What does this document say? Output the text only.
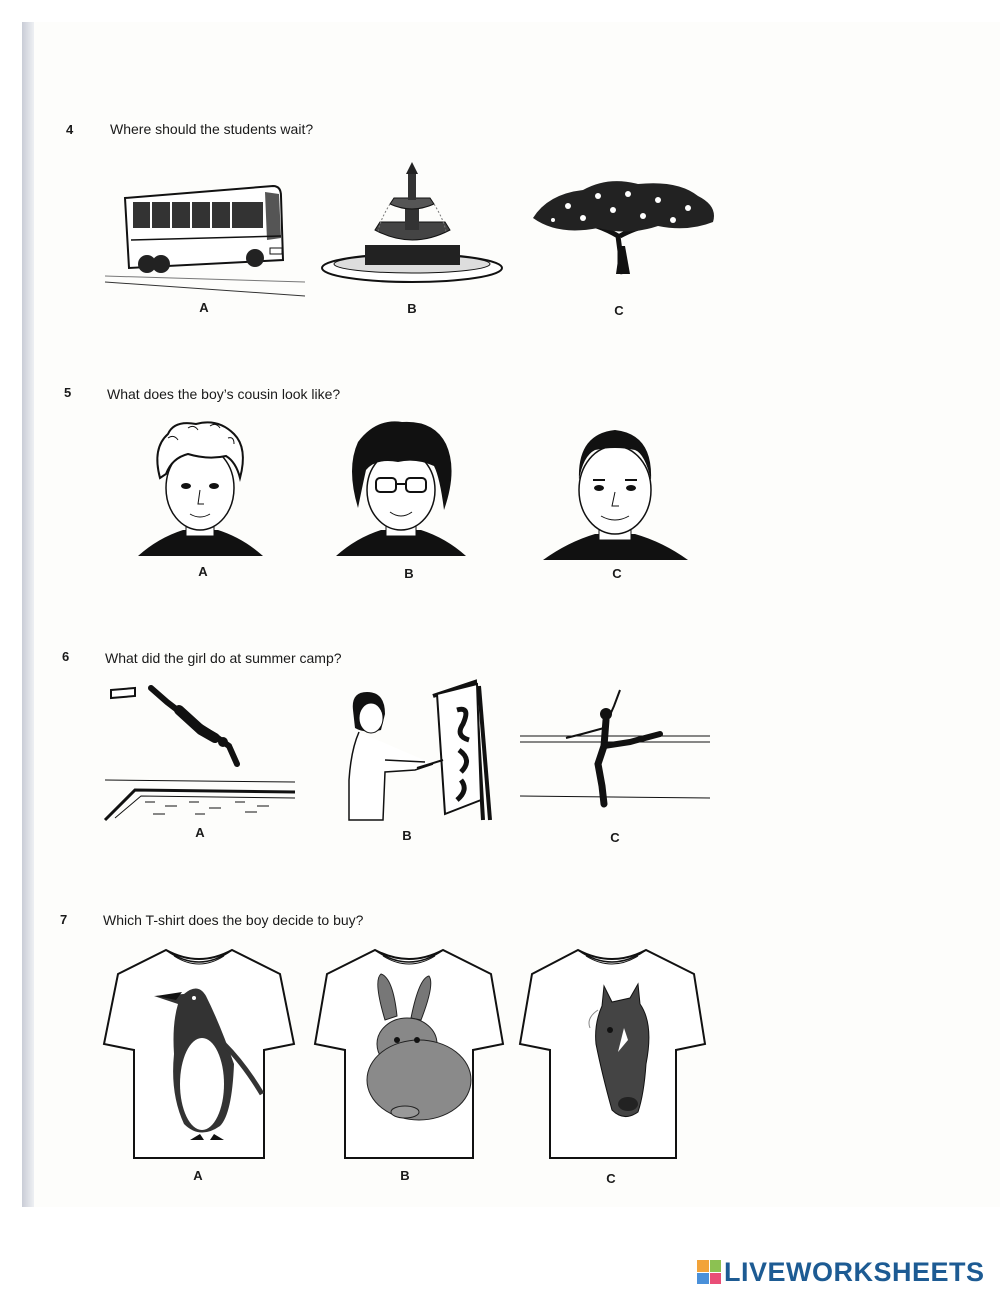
4	Where should the students wait?
A	B	C
5	What does the boy’s cousin look like?
A	B	C
6	What did the girl do at summer camp?
A	B	C
7	Which T-shirt does the boy decide to buy?
A	B	C
LIVEWORKSHEETS
